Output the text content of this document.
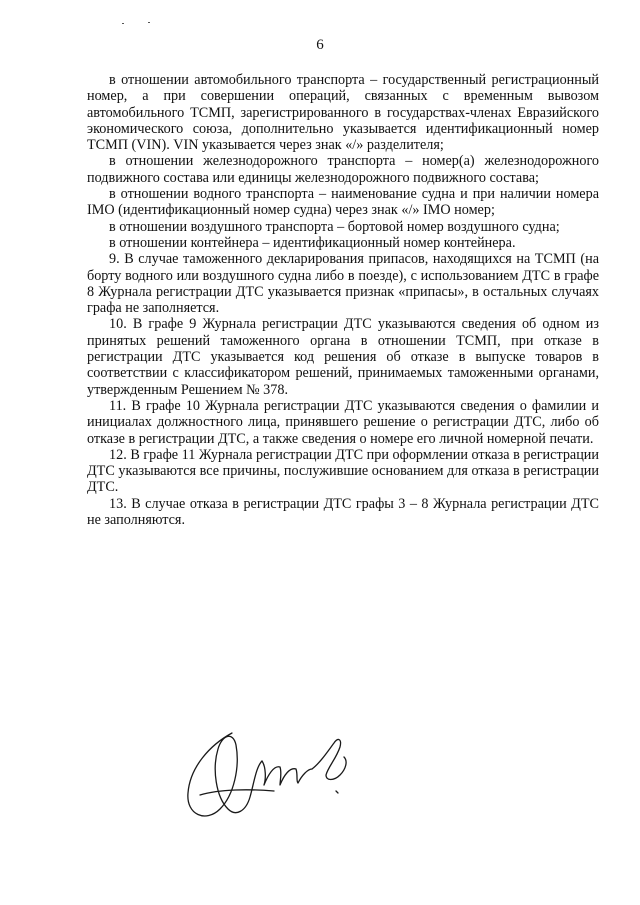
6

в отношении автомобильного транспорта – государственный регистрационный номер, а при совершении операций, связанных с временным вывозом автомобильного ТСМП, зарегистрированного в государствах-членах Евразийского экономического союза, дополнительно указывается идентификационный номер ТСМП (VIN). VIN указывается через знак «/» разделителя;

в отношении железнодорожного транспорта – номер(а) железнодорожного подвижного состава или единицы железнодорожного подвижного состава;

в отношении водного транспорта – наименование судна и при наличии номера IMO (идентификационный номер судна) через знак «/» IMO номер;

в отношении воздушного транспорта – бортовой номер воздушного судна;

в отношении контейнера – идентификационный номер контейнера.

9. В случае таможенного декларирования припасов, находящихся на ТСМП (на борту водного или воздушного судна либо в поезде), с использованием ДТС в графе 8 Журнала регистрации ДТС указывается признак «припасы», в остальных случаях графа не заполняется.

10. В графе 9 Журнала регистрации ДТС указываются сведения об одном из принятых решений таможенного органа в отношении ТСМП, при отказе в регистрации ДТС указывается код решения об отказе в выпуске товаров в соответствии с классификатором решений, принимаемых таможенными органами, утвержденным Решением № 378.

11. В графе 10 Журнала регистрации ДТС указываются сведения о фамилии и инициалах должностного лица, принявшего решение о регистрации ДТС, либо об отказе в регистрации ДТС, а также сведения о номере его личной номерной печати.

12. В графе 11 Журнала регистрации ДТС при оформлении отказа в регистрации ДТС указываются все причины, послужившие основанием для отказа в регистрации ДТС.

13. В случае отказа в регистрации ДТС графы 3 – 8 Журнала регистрации ДТС не заполняются.
